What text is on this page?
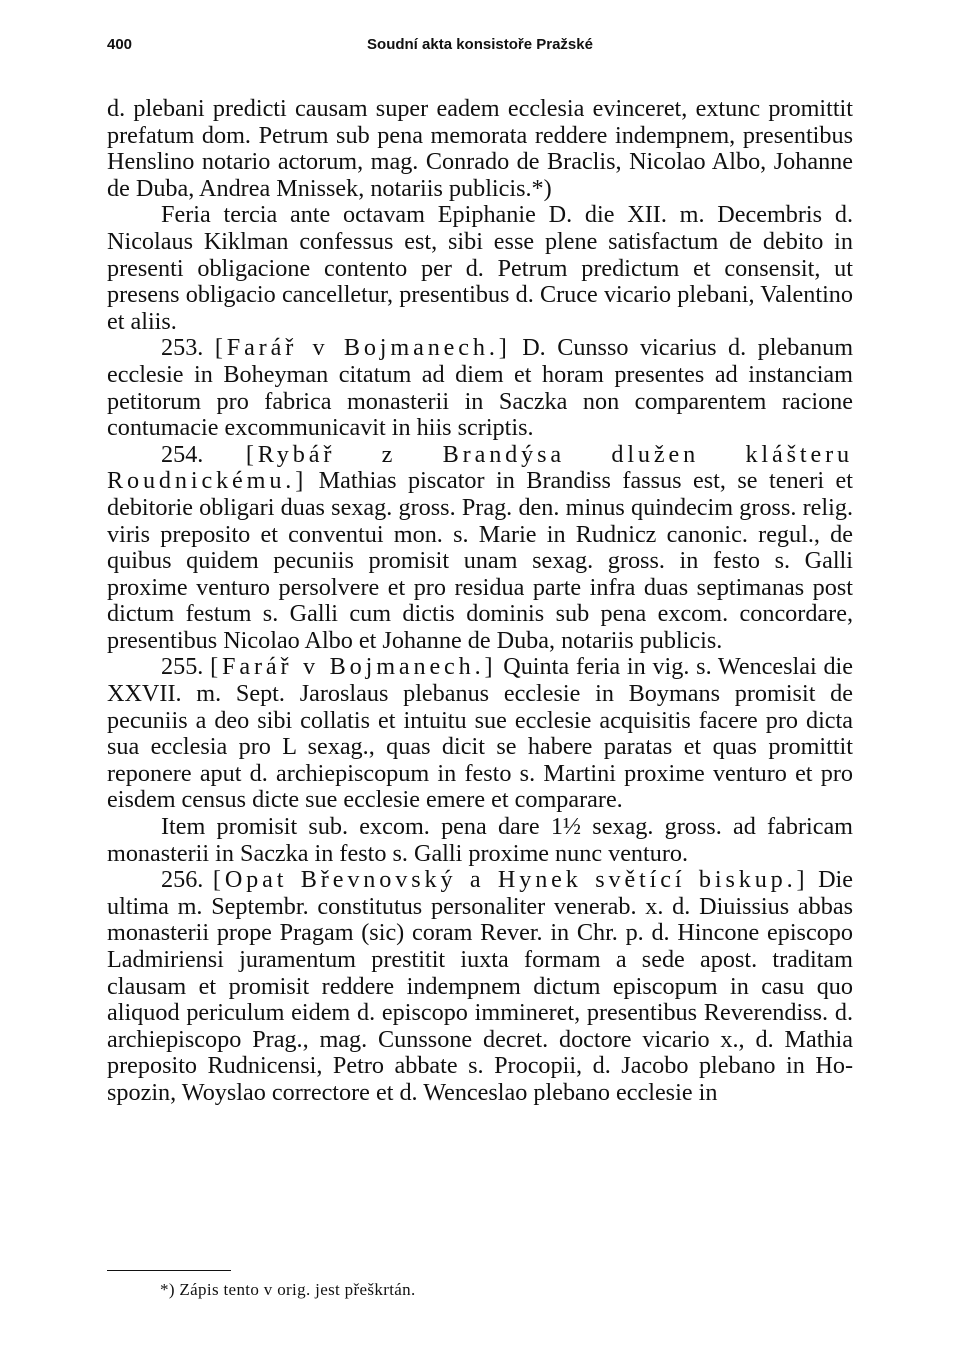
400	Soudní akta konsistoře Pražské

d. plebani predicti causam super eadem ecclesia evinceret, extunc promittit prefatum dom. Petrum sub pena memorata reddere indempnem, presentibus Henslino notario actorum, mag. Conrado de Braclis, Nicolao Albo, Johanne de Duba, Andrea Mnissek, notariis publicis.*)

Feria tercia ante octavam Epiphanie D. die XII. m. Decembris d. Nicolaus Kiklman confessus est, sibi esse plene satisfactum de debito in presenti obligacione contento per d. Petrum predictum et consensit, ut presens obligacio cancelletur, presentibus d. Cruce vicario plebani, Valentino et aliis.

253. [Farář v Bojmanech.] D. Cunsso vicarius d. plebanum ecclesie in Boheyman citatum ad diem et horam presentes ad instanciam petitorum pro fabrica monasterii in Saczka non comparentem racione contumacie excommunicavit in hiis scriptis.

254. [Rybář z Brandýsa dlužen klášteru Roudnickému.] Mathias piscator in Brandiss fassus est, se teneri et debitorie obligari duas sexag. gross. Prag. den. minus quindecim gross. relig. viris preposito et conventui mon. s. Marie in Rudnicz canonic. regul., de quibus quidem pecuniis promisit unam sexag. gross. in festo s. Galli proxime venturo persolvere et pro residua parte infra duas septimanas post dictum festum s. Galli cum dictis dominis sub pena excom. concordare, presentibus Nicolao Albo et Johanne de Duba, notariis publicis.

255. [Farář v Bojmanech.] Quinta feria in vig. s. Wenceslai die XXVII. m. Sept. Jaroslaus plebanus ecclesie in Boymans promisit de pecuniis a deo sibi collatis et intuitu sue ecclesie acquisitis facere pro dicta sua ecclesia pro L sexag., quas dicit se habere paratas et quas promittit reponere aput d. archiepiscopum in festo s. Martini proxime venturo et pro eisdem census dicte sue ecclesie emere et comparare.

Item promisit sub. excom. pena dare 1½ sexag. gross. ad fabricam monasterii in Saczka in festo s. Galli proxime nunc venturo.

256. [Opat Břevnovský a Hynek světící biskup.] Die ultima m. Septembr. constitutus personaliter venerab. x. d. Diuissius abbas monasterii prope Pragam (sic) coram Rever. in Chr. p. d. Hincone episcopo Ladmiriensi juramentum prestitit iuxta formam a sede apost. traditam clausam et promisit reddere indempnem dictum episcopum in casu quo aliquod periculum eidem d. episcopo immineret, presentibus Reverendiss. d. archiepiscopo Prag., mag. Cunssone decret. doctore vicario x., d. Mathia preposito Rudnicensi, Petro abbate s. Procopii, d. Jacobo plebano in Hospozin, Woyslao correctore et d. Wenceslao plebano ecclesie in

*) Zápis tento v orig. jest přeškrtán.
